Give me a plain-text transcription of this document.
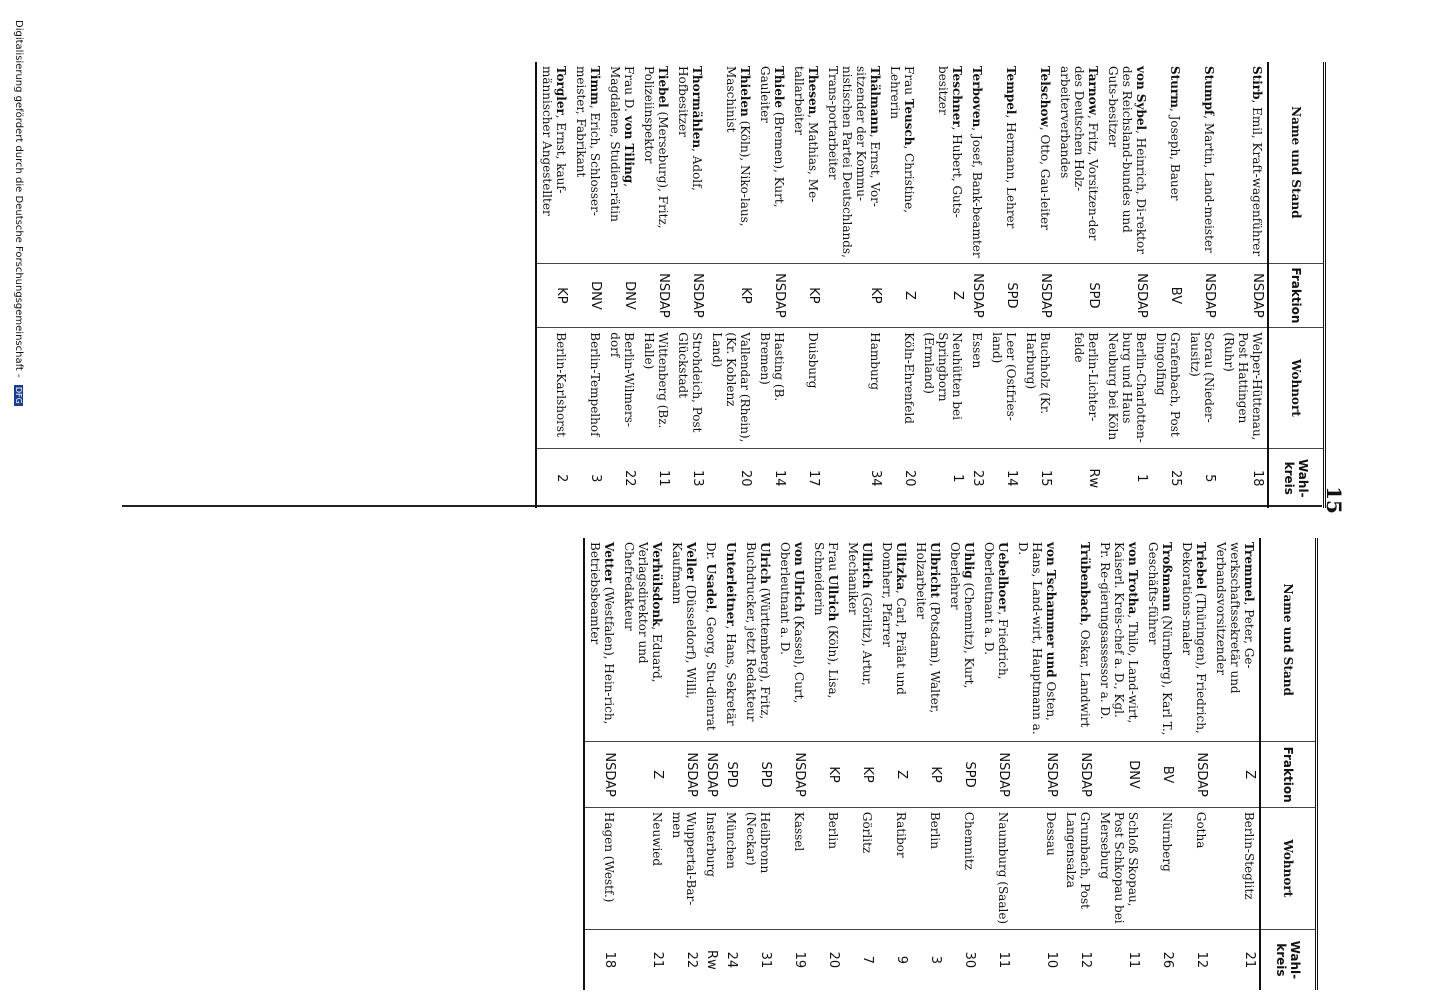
15
Name und Stand	Fraktion	Wohnort	Wahl-kreis
Stirb, Emil, Kraft-wagenführer	NSDAP	Welper-Hüttenau, Post Hattingen (Ruhr)	18
Stumpf, Martin, Land-meister	NSDAP	Sorau (Nieder-lausitz)	5
Sturm, Joseph, Bauer	BV	Grafenbach, Post Dingolfing	25
von Sybel, Heinrich, Di-rektor des Reichsland-bundes und Guts-besitzer	NSDAP	Berlin-Charlotten-burg und Haus Neuburg bei Köln	1
Tarnow, Fritz, Vorsitzen-der des Deutschen Holz-arbeiterverbandes	SPD	Berlin-Lichter-felde	Rw
Telschow, Otto, Gau-leiter	NSDAP	Buchholz (Kr. Harburg)	15
Tempel, Hermann, Lehrer	SPD	Leer (Ostfries-land)	14
Terboven, Josef, Bank-beamter	NSDAP	Essen	23
Teschner, Hubert, Guts-besitzer	Z	Neuhütten bei Springborn (Ermland)	1
Frau Teusch, Christine, Lehrerin	Z	Köln-Ehrenfeld	20
Thälmann, Ernst, Vor-sitzender der Kommu-nistischen Partei Deutschlands, Trans-portarbeiter	KP	Hamburg	34
Thesen, Mathias, Me-tallarbeiter	KP	Duisburg	17
Thiele (Bremen), Kurt, Gauleiter	NSDAP	Hasting (B. Bremen)	14
Thielen (Köln), Niko-laus, Maschinist	KP	Vallendar (Rhein), (Kr. Koblenz Land)	20
Thormählen, Adolf, Hofbesitzer	NSDAP	Strohdeich, Post Glückstadt	13
Tiebel (Merseburg), Fritz, Polizeiinspektor	NSDAP	Wittenberg (Bz. Halle)	11
Frau D. von Tiling, Magdalene, Studien-rätin	DNV	Berlin-Wilmers-dorf	22
Timm, Erich, Schlosser-meister, Fabrikant	DNV	Berlin-Tempelhof	3
Torgler, Ernst, kauf-männischer Angestellter	KP	Berlin-Karlshorst	2
Name und Stand	Fraktion	Wohnort	Wahl-kreis
Tremmel, Peter, Ge-werkschaftssekretär und Verbandsvorsitzender	Z	Berlin-Steglitz	21
Triebel (Thüringen), Friedrich, Dekorations-maler	NSDAP	Gotha	12
Troßmann (Nürnberg), Karl T., Geschäfts-führer	BV	Nürnberg	26
von Trotha, Thilo, Land-wirt, Kaiserl. Kreis-chef a. D., Kgl. Pr. Re-gierungsassessor a. D.	DNV	Schloß Skopau, Post Schkopau bei Merseburg	11
Trübenbach, Oskar, Landwirt	NSDAP	Grumbach, Post Langensalza	12
von Tschammer und Osten, Hans, Land-wirt, Hauptmann a. D.	NSDAP	Dessau	10
Uebelhoer, Friedrich, Oberleutnant a. D.	NSDAP	Naumburg (Saale)	11
Uhlig (Chemnitz), Kurt, Oberlehrer	SPD	Chemnitz	30
Ulbricht (Potsdam), Walter, Holzarbeiter	KP	Berlin	3
Ulitzka, Carl, Prälat und Domherr, Pfarrer	Z	Ratibor	9
Ullrich (Görlitz), Artur, Mechaniker	KP	Görlitz	7
Frau Ullrich (Köln), Lisa, Schneiderin	KP	Berlin	20
von Ulrich (Kassel), Curt, Oberleutnant a. D.	NSDAP	Kassel	19
Ulrich (Württemberg), Fritz, Buchdrucker, jetzt Redakteur	SPD	Heilbronn (Neckar)	31
Unterleitner, Hans, Sekretär	SPD	München	24
Dr. Usadel, Georg, Stu-dienrat	NSDAP	Insterburg	Rw
Veller (Düsseldorf), Willi, Kaufmann	NSDAP	Wuppertal-Bar-men	22
Verhülsdonk, Eduard, Verlagsdirektor und Chefredakteur	Z	Neuwied	21
Vetter (Westfalen), Hein-rich, Betriebsbeamter	NSDAP	Hagen (Westf.)	18
Digitalisierung gefördert durch die Deutsche Forschungsgemeinschaft - DFG
